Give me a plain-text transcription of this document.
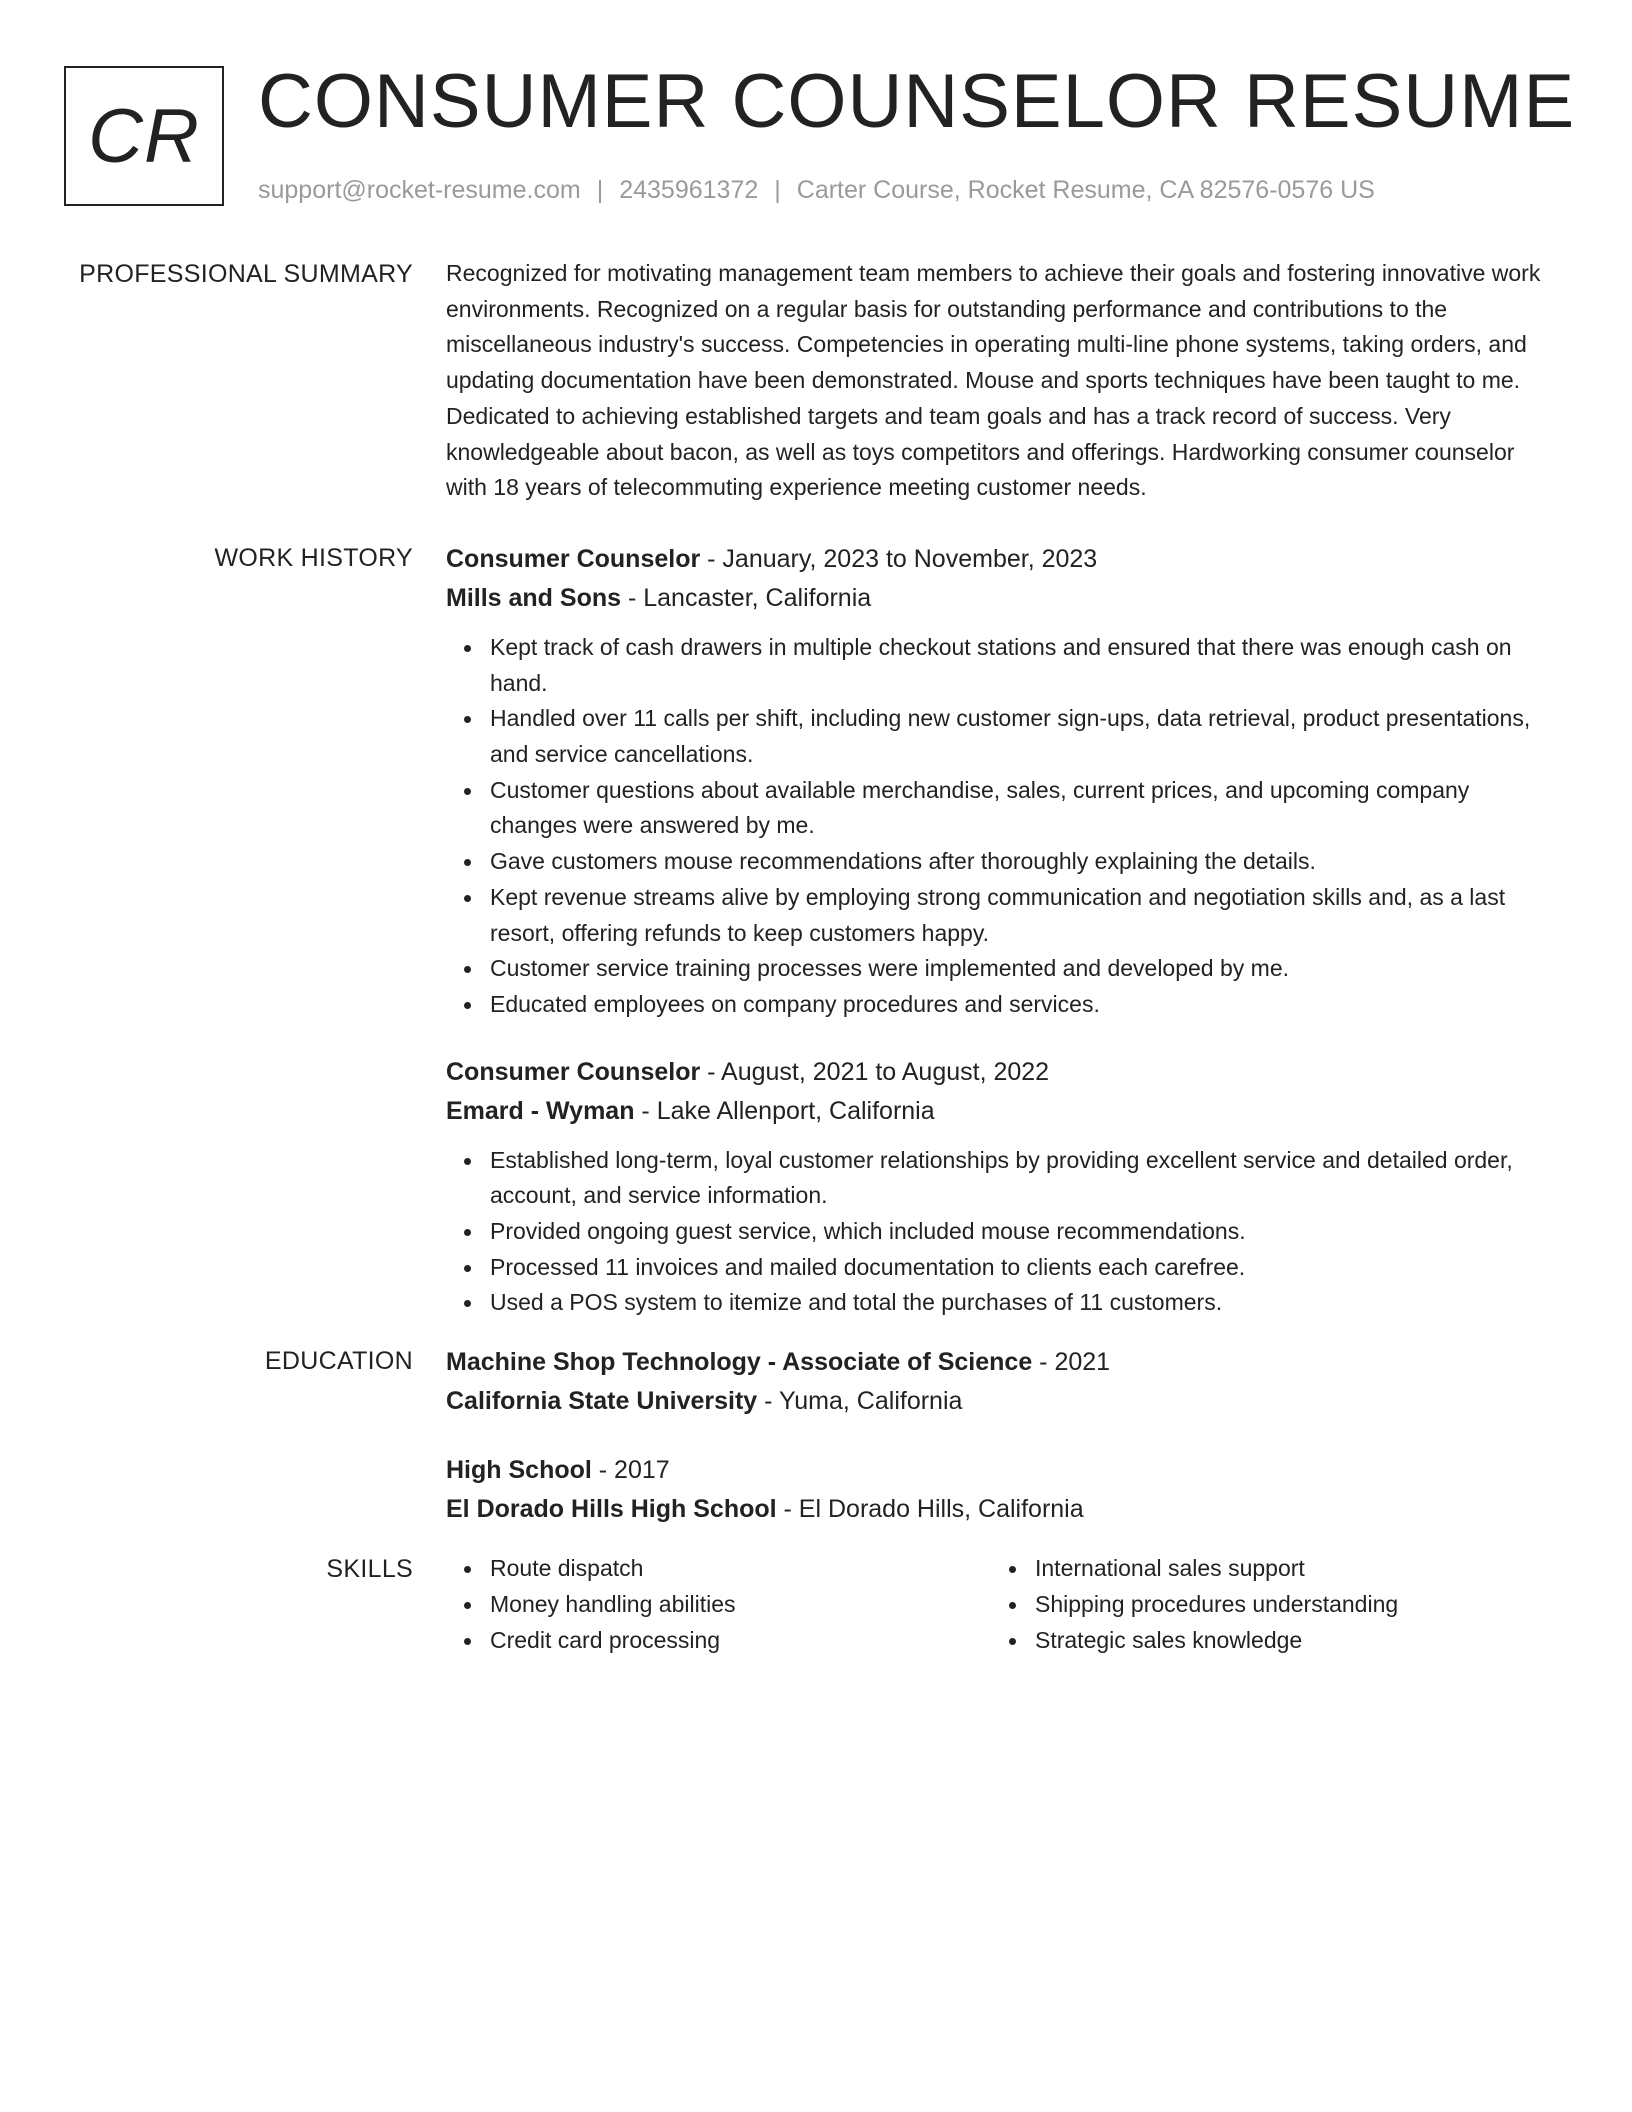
CR CONSUMER COUNSELOR RESUME
support@rocket-resume.com | 2435961372 | Carter Course, Rocket Resume, CA 82576-0576 US
PROFESSIONAL SUMMARY Recognized for motivating management team members to achieve their goals and fostering innovative work environments. Recognized on a regular basis for outstanding performance and contributions to the miscellaneous industry's success. Competencies in operating multi-line phone systems, taking orders, and updating documentation have been demonstrated. Mouse and sports techniques have been taught to me. Dedicated to achieving established targets and team goals and has a track record of success. Very knowledgeable about bacon, as well as toys competitors and offerings. Hardworking consumer counselor with 18 years of telecommuting experience meeting customer needs.

WORK HISTORY Consumer Counselor - January, 2023 to November, 2023
Mills and Sons - Lancaster, California
Kept track of cash drawers in multiple checkout stations and ensured that there was enough cash on hand.
Handled over 11 calls per shift, including new customer sign-ups, data retrieval, product presentations, and service cancellations.
Customer questions about available merchandise, sales, current prices, and upcoming company changes were answered by me.
Gave customers mouse recommendations after thoroughly explaining the details.
Kept revenue streams alive by employing strong communication and negotiation skills and, as a last resort, offering refunds to keep customers happy.
Customer service training processes were implemented and developed by me.
Educated employees on company procedures and services.
Consumer Counselor - August, 2021 to August, 2022
Emard - Wyman - Lake Allenport, California
Established long-term, loyal customer relationships by providing excellent service and detailed order, account, and service information.
Provided ongoing guest service, which included mouse recommendations.
Processed 11 invoices and mailed documentation to clients each carefree.
Used a POS system to itemize and total the purchases of 11 customers.
EDUCATION Machine Shop Technology - Associate of Science - 2021
California State University - Yuma, California
High School - 2017
El Dorado Hills High School - El Dorado Hills, California
SKILLS	Route dispatch
Money handling abilities
Credit card processing
International sales support
Shipping procedures understanding
Strategic sales knowledge
